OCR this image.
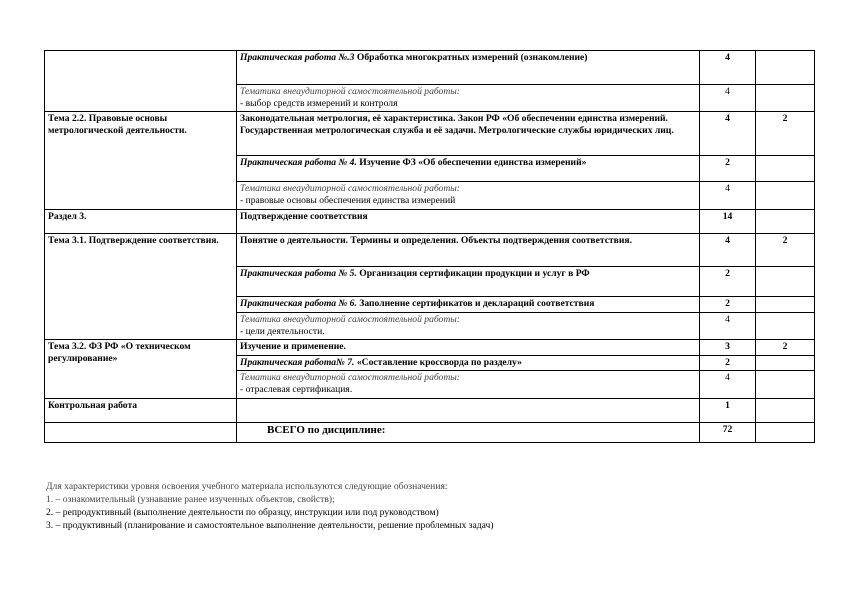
	Практическая работа №.3 Обработка многократных измерений (ознакомление)	4	

	Тематика внеаудиторной самостоятельной работы:
- выбор средств измерений и контроля	4	
Тема 2.2. Правовые основы метрологической деятельности.	Законодательная метрология, её характеристика. Закон РФ «Об обеспечении единства измерений. Государственная метрологическая служба и её задачи. Метрологические службы юридических лиц.	4	2
	Практическая работа № 4. Изучение ФЗ «Об обеспечении единства измерений»	2	

	Тематика внеаудиторной самостоятельной работы:
- правовые основы обеспечения единства измерений	4	
Раздел 3.	Подтверждение соответствия	14	
Тема 3.1. Подтверждение соответствия.	Понятие о деятельности. Термины и определения. Объекты подтверждения соответствия.	4	2
	Практическая работа № 5. Организация сертификации продукции и услуг в РФ	2	
	Практическая работа № 6. Заполнение сертификатов и деклараций соответствия	2	

	Тематика внеаудиторной самостоятельной работы:
- цели деятельности.	4	
Тема 3.2. ФЗ РФ «О техническом регулирование»	Изучение и применение.	3	2
	Практическая работа№ 7. «Составление кроссворда по разделу»	2	

	Тематика внеаудиторной самостоятельной работы:
- отраслевая сертификация.	4	
Контрольная работа		1	
	ВСЕГО по дисциплине:	72	
Для характеристики уровня освоения учебного материала используются следующие обозначения:
1. – ознакомительный (узнавание ранее изученных объектов, свойств);
2. – репродуктивный (выполнение деятельности по образцу, инструкции или под руководством)
3. – продуктивный (планирование и самостоятельное выполнение деятельности, решение проблемных задач)
